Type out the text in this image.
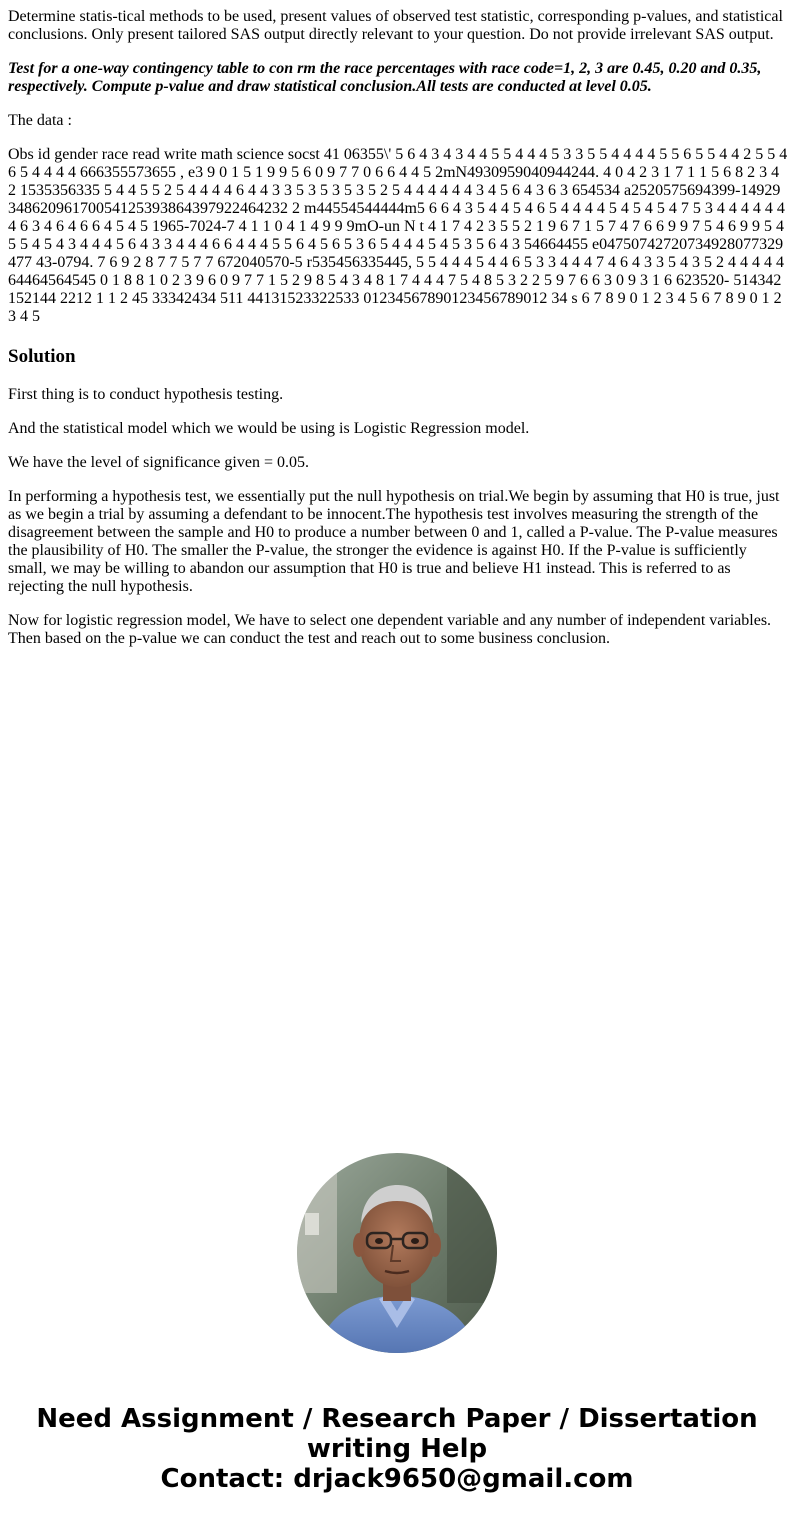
Determine statis-tical methods to be used, present values of observed test statistic, corresponding p-values, and statistical conclusions. Only present tailored SAS output directly relevant to your question. Do not provide irrelevant SAS output.

Test for a one-way contingency table to con rm the race percentages with race code=1, 2, 3 are 0.45, 0.20 and 0.35, respectively. Compute p-value and draw statistical conclusion.All tests are conducted at level 0.05.

The data :

Obs id gender race read write math science socst 41 06355\' 5 6 4 3 4 3 4 4 5 5 4 4 4 5 3 3 5 5 4 4 4 4 5 5 6 5 5 4 4 2 5 5 4 6 5 4 4 4 4 666355573655 , e3 9 0 1 5 1 9 9 5 6 0 9 7 7 0 6 6 4 4 5 2mN4930959040944244. 4 0 4 2 3 1 7 1 1 5 6 8 2 3 4 2 1535356335 5 4 4 5 5 2 5 4 4 4 4 6 4 4 3 3 5 3 5 3 5 3 5 2 5 4 4 4 4 4 4 3 4 5 6 4 3 6 3 654534 a2520575694399-1492934862096170054125393864397922464232 2 m44554544444m5 6 6 4 3 5 4 4 5 4 6 5 4 4 4 4 5 4 5 4 5 4 7 5 3 4 4 4 4 4 4 4 6 3 4 6 4 6 6 4 5 4 5 1965-7024-7 4 1 1 0 4 1 4 9 9 9mO-un N t 4 1 7 4 2 3 5 5 2 1 9 6 7 1 5 7 4 7 6 6 9 9 7 5 4 6 9 9 5 4 5 5 4 5 4 3 4 4 4 5 6 4 3 3 4 4 4 6 6 4 4 4 5 5 6 4 5 6 5 3 6 5 4 4 4 5 4 5 3 5 6 4 3 54664455 e04750742720734928077329477 43-0794. 7 6 9 2 8 7 7 5 7 7 672040570-5 r535456335445, 5 5 4 4 4 5 4 4 6 5 3 3 4 4 4 7 4 6 4 3 3 5 4 3 5 2 4 4 4 4 4 64464564545 0 1 8 8 1 0 2 3 9 6 0 9 7 7 1 5 2 9 8 5 4 3 4 8 1 7 4 4 4 7 5 4 8 5 3 2 2 5 9 7 6 6 3 0 9 3 1 6 623520- 514342152144 2212 1 1 2 45 33342434 511 44131523322533 01234567890123456789012 34 s 6 7 8 9 0 1 2 3 4 5 6 7 8 9 0 1 2 3 4 5

Solution

First thing is to conduct hypothesis testing.

And the statistical model which we would be using is Logistic Regression model.

We have the level of significance given = 0.05.

In performing a hypothesis test, we essentially put the null hypothesis on trial.We begin by assuming that H0 is true, just as we begin a trial by assuming a defendant to be innocent.The hypothesis test involves measuring the strength of the disagreement between the sample and H0 to produce a number between 0 and 1, called a P-value. The P-value measures the plausibility of H0. The smaller the P-value, the stronger the evidence is against H0. If the P-value is sufficiently small, we may be willing to abandon our assumption that H0 is true and believe H1 instead. This is referred to as rejecting the null hypothesis.

Now for logistic regression model, We have to select one dependent variable and any number of independent variables. Then based on the p-value we can conduct the test and reach out to some business conclusion.

Need Assignment / Research Paper / Dissertation
writing Help
Contact: drjack9650@gmail.com
